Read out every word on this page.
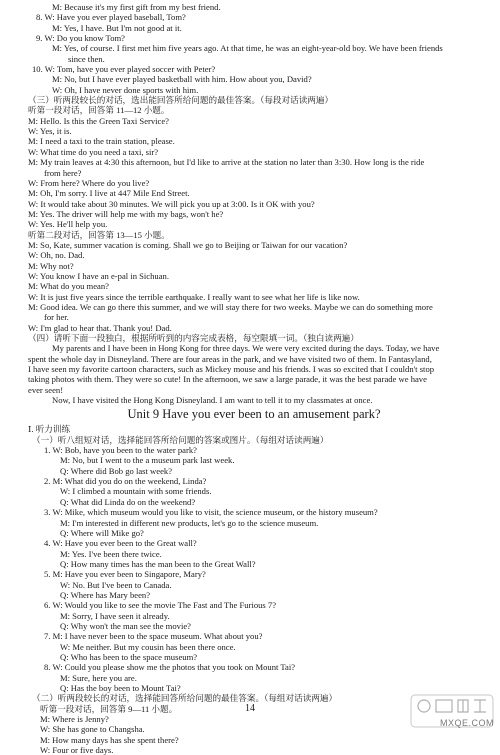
M: Because it's my first gift from my best friend.
8. W: Have you ever played baseball, Tom?
M: Yes, I have. But I'm not good at it.
9. W: Do you know Tom?
M: Yes, of course. I first met him five years ago. At that time, he was an eight-year-old boy. We have been friends
since then.
10. W: Tom, have you ever played soccer with Peter?
M: No, but I have ever played basketball with him. How about you, David?
W: Oh, I have never done sports with him.
（三）听两段较长的对话，选出能回答所给问题的最佳答案。（每段对话读两遍）
听第一段对话，回答第 11—12 小题。
M: Hello. Is this the Green Taxi Service?
W: Yes, it is.
M: I need a taxi to the train station, please.
W: What time do you need a taxi, sir?
M: My train leaves at 4:30 this afternoon, but I'd like to arrive at the station no later than 3:30. How long is the ride
from here?
W: From here? Where do you live?
M: Oh, I'm sorry. I live at 447 Mile End Street.
W: It would take about 30 minutes. We will pick you up at 3:00. Is it OK with you?
M: Yes. The driver will help me with my bags, won't he?
W: Yes. He'll help you.
听第二段对话，回答第 13—15 小题。
M: So, Kate, summer vacation is coming. Shall we go to Beijing or Taiwan for our vacation?
W: Oh, no. Dad.
M: Why not?
W: You know I have an e-pal in Sichuan.
M: What do you mean?
W: It is just five years since the terrible earthquake. I really want to see what her life is like now.
M: Good idea. We can go there this summer, and we will stay there for two weeks. Maybe we can do something more
for her.
W: I'm glad to hear that. Thank you! Dad.
（四）请听下面一段独白，根据所听到的内容完成表格，每空限填一词。（独白读两遍）
My parents and I have been in Hong Kong for three days. We were very excited during the days. Today, we have
spent the whole day in Disneyland. There are four areas in the park, and we have visited two of them. In Fantasyland,
I have seen my favorite cartoon characters, such as Mickey mouse and his friends. I was so excited that I couldn't stop
taking photos with them. They were so cute! In the afternoon, we saw a large parade, it was the best parade we have
ever seen!
Now, I have visited the Hong Kong Disneyland. I am want to tell it to my classmates at once.
Unit 9 Have you ever been to an amusement park?
Ⅰ. 听力训练
（一）听八组短对话，选择能回答所给问题的答案或图片。（每组对话读两遍）
1. W: Bob, have you been to the water park?
M: No, but I went to the a museum park last week.
Q: Where did Bob go last week?
2. M: What did you do on the weekend, Linda?
W: I climbed a mountain with some friends.
Q: What did Linda do on the weekend?
3. W: Mike, which museum would you like to visit, the science museum, or the history museum?
M: I'm interested in different new products, let's go to the science museum.
Q: Where will Mike go?
4. W: Have you ever been to the Great wall?
M: Yes. I've been there twice.
Q: How many times has the man been to the Great Wall?
5. M: Have you ever been to Singapore, Mary?
W: No. But I've been to Canada.
Q: Where has Mary been?
6. W: Would you like to see the movie The Fast and The Furious 7?
M: Sorry, I have seen it already.
Q: Why won't the man see the movie?
7. M: I have never been to the space museum. What about you?
W: Me neither. But my cousin has been there once.
Q: Who has been to the space museum?
8. W: Could you please show me the photos that you took on Mount Tai?
M: Sure, here you are.
Q: Has the boy been to Mount Tai?
（二）听两段较长的对话，选择能回答所给问题的最佳答案。（每组对话读两遍）
听第一段对话，回答第 9—11 小题。
M: Where is Jenny?
W: She has gone to Changsha.
M: How many days has she spent there?
W: Four or five days.
14
MXQE.COM
